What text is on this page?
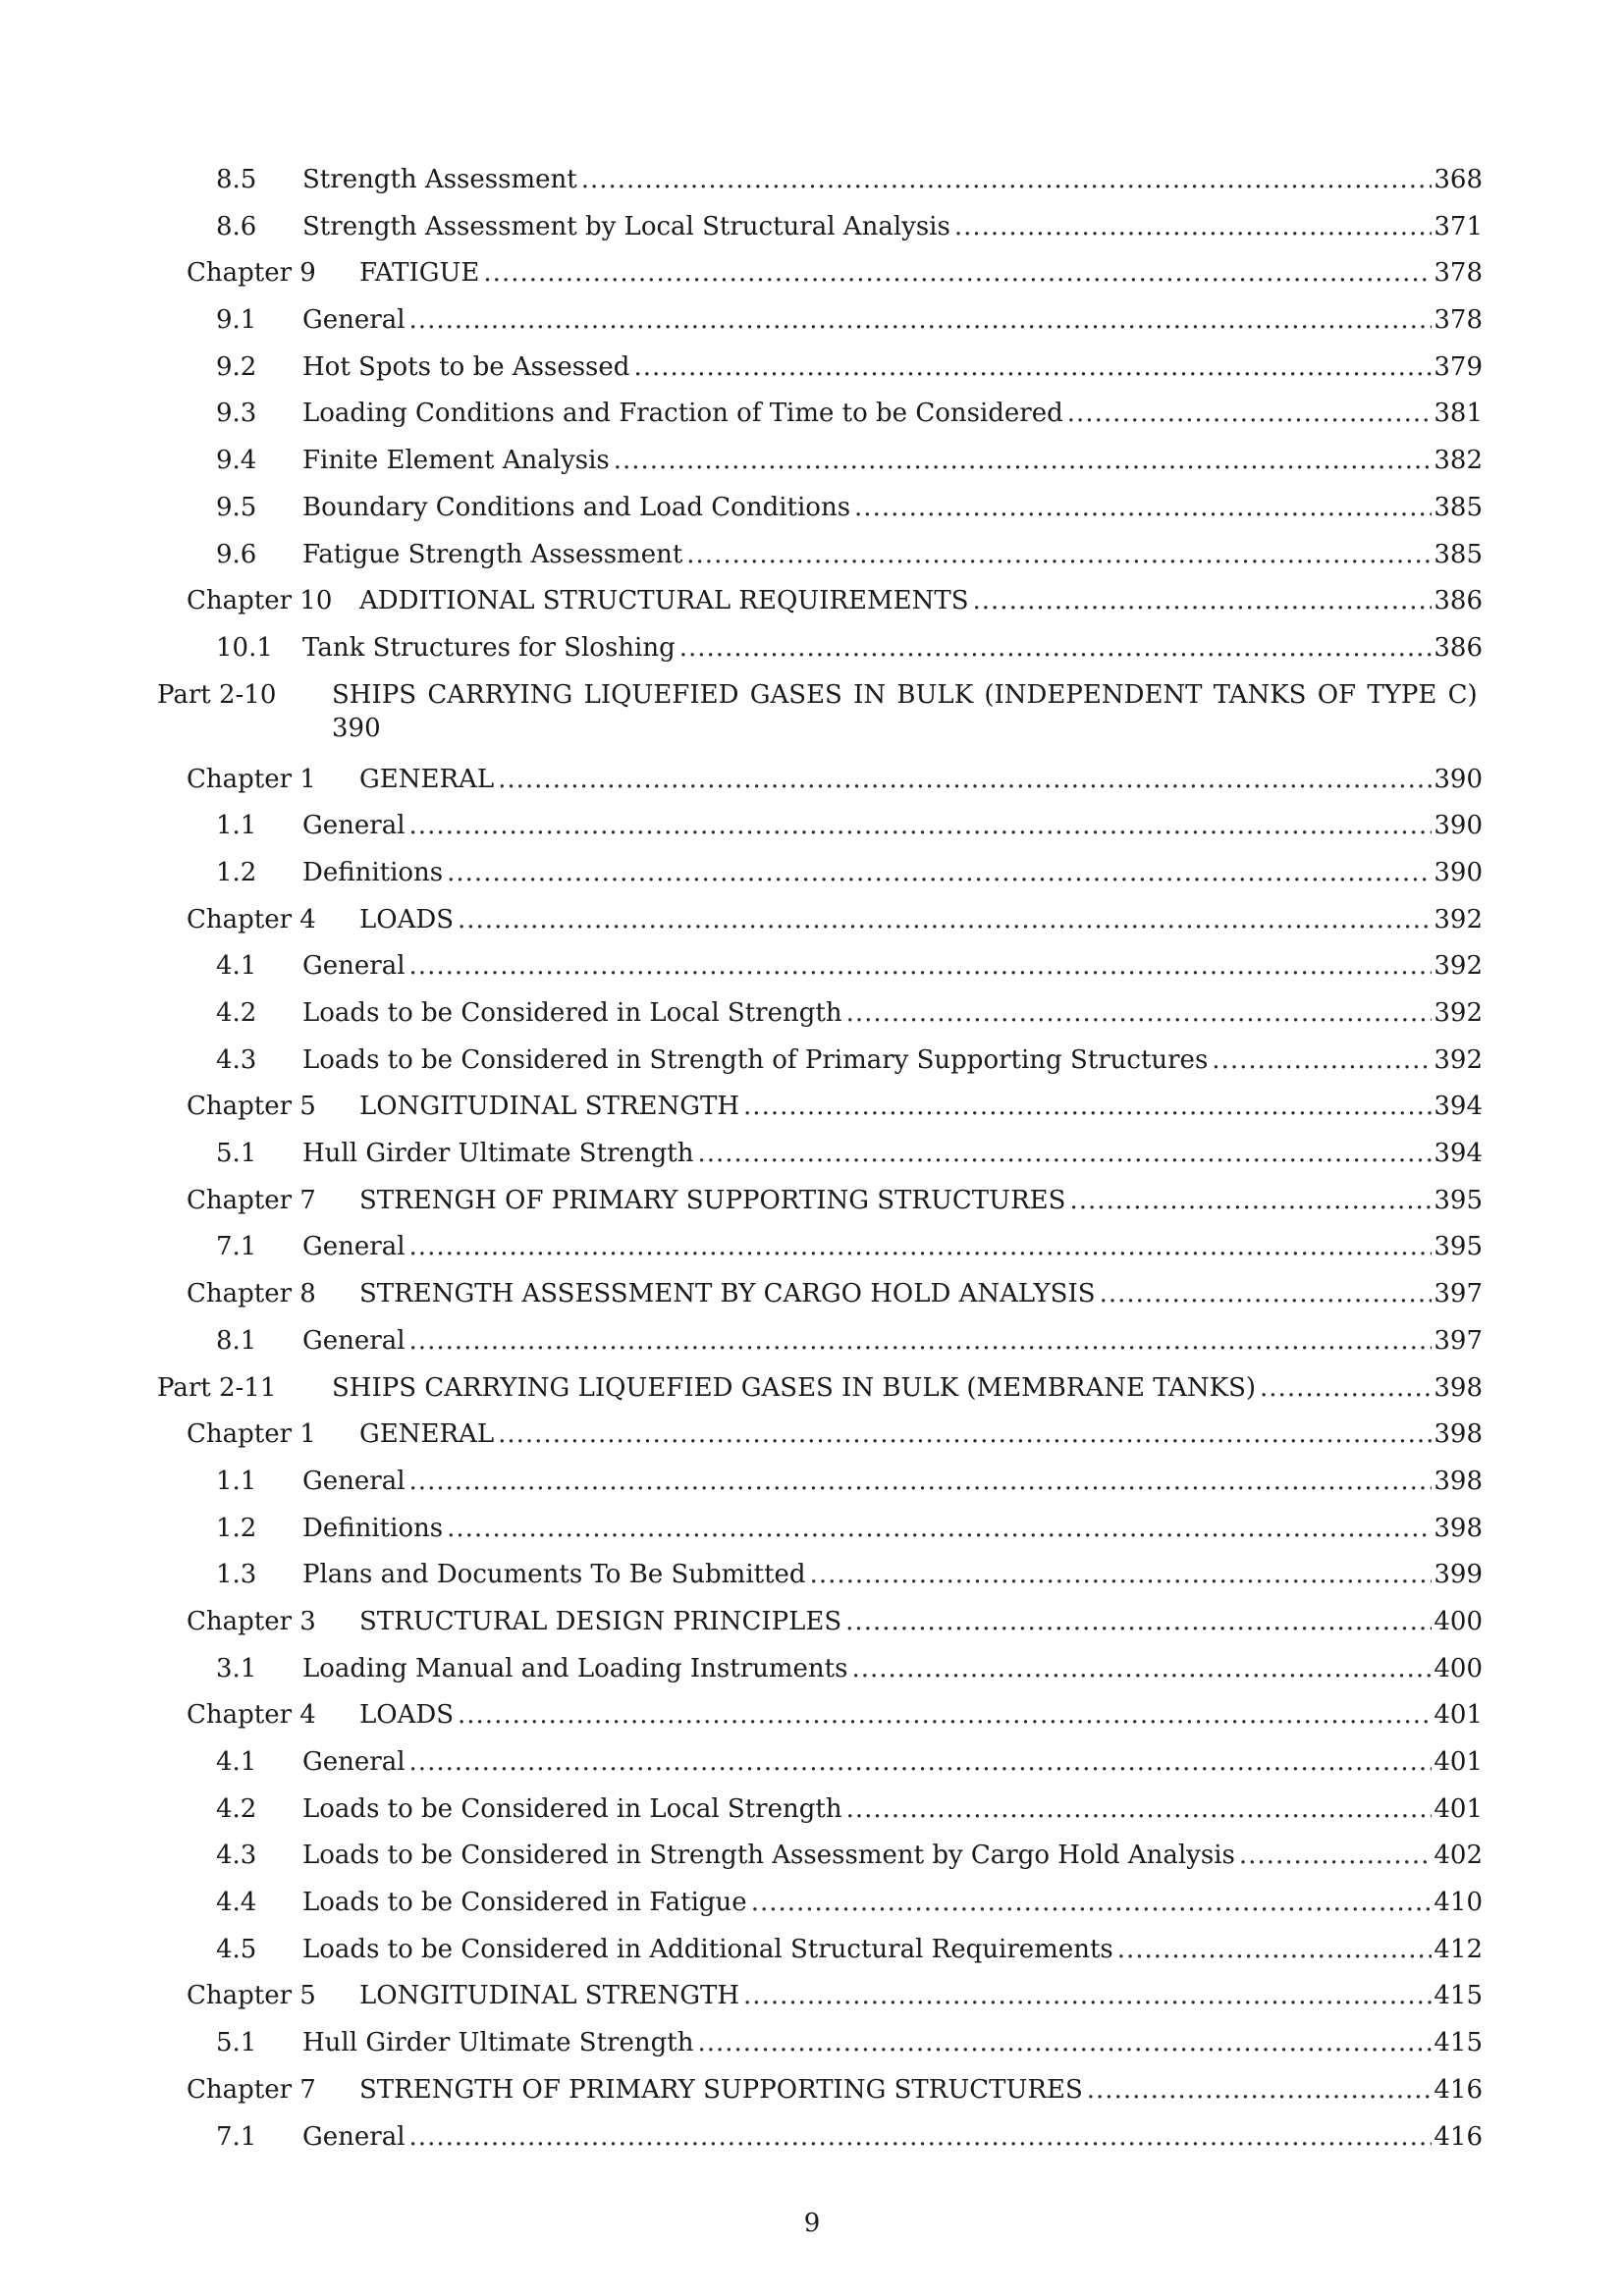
8.5 Strength Assessment .....	368
8.6 Strength Assessment by Local Structural Analysis .....	371
Chapter 9 FATIGUE .....	378
9.1 General .....	378
9.2 Hot Spots to be Assessed .....	379
9.3 Loading Conditions and Fraction of Time to be Considered .....	381
9.4 Finite Element Analysis .....	382
9.5 Boundary Conditions and Load Conditions .....	385
9.6 Fatigue Strength Assessment .....	385
Chapter 10 ADDITIONAL STRUCTURAL REQUIREMENTS .....	386
10.1 Tank Structures for Sloshing .....	386
Part 2-10	SHIPS CARRYING LIQUEFIED GASES IN BULK (INDEPENDENT TANKS OF TYPE C)
390
Chapter 1 GENERAL .....	390
1.1 General .....	390
1.2 Definitions .....	390
Chapter 4 LOADS .....	392
4.1 General .....	392
4.2 Loads to be Considered in Local Strength .....	392
4.3 Loads to be Considered in Strength of Primary Supporting Structures .....	392
Chapter 5 LONGITUDINAL STRENGTH .....	394
5.1 Hull Girder Ultimate Strength .....	394
Chapter 7 STRENGH OF PRIMARY SUPPORTING STRUCTURES .....	395
7.1 General .....	395
Chapter 8 STRENGTH ASSESSMENT BY CARGO HOLD ANALYSIS .....	397
8.1 General .....	397
Part 2-11 SHIPS CARRYING LIQUEFIED GASES IN BULK (MEMBRANE TANKS) .....	398
Chapter 1 GENERAL .....	398
1.1 General .....	398
1.2 Definitions .....	398
1.3 Plans and Documents To Be Submitted .....	399
Chapter 3 STRUCTURAL DESIGN PRINCIPLES .....	400
3.1 Loading Manual and Loading Instruments .....	400
Chapter 4 LOADS .....	401
4.1 General .....	401
4.2 Loads to be Considered in Local Strength .....	401
4.3 Loads to be Considered in Strength Assessment by Cargo Hold Analysis .....	402
4.4 Loads to be Considered in Fatigue .....	410
4.5 Loads to be Considered in Additional Structural Requirements .....	412
Chapter 5 LONGITUDINAL STRENGTH .....	415
5.1 Hull Girder Ultimate Strength .....	415
Chapter 7 STRENGTH OF PRIMARY SUPPORTING STRUCTURES .....	416
7.1 General .....	416
9
